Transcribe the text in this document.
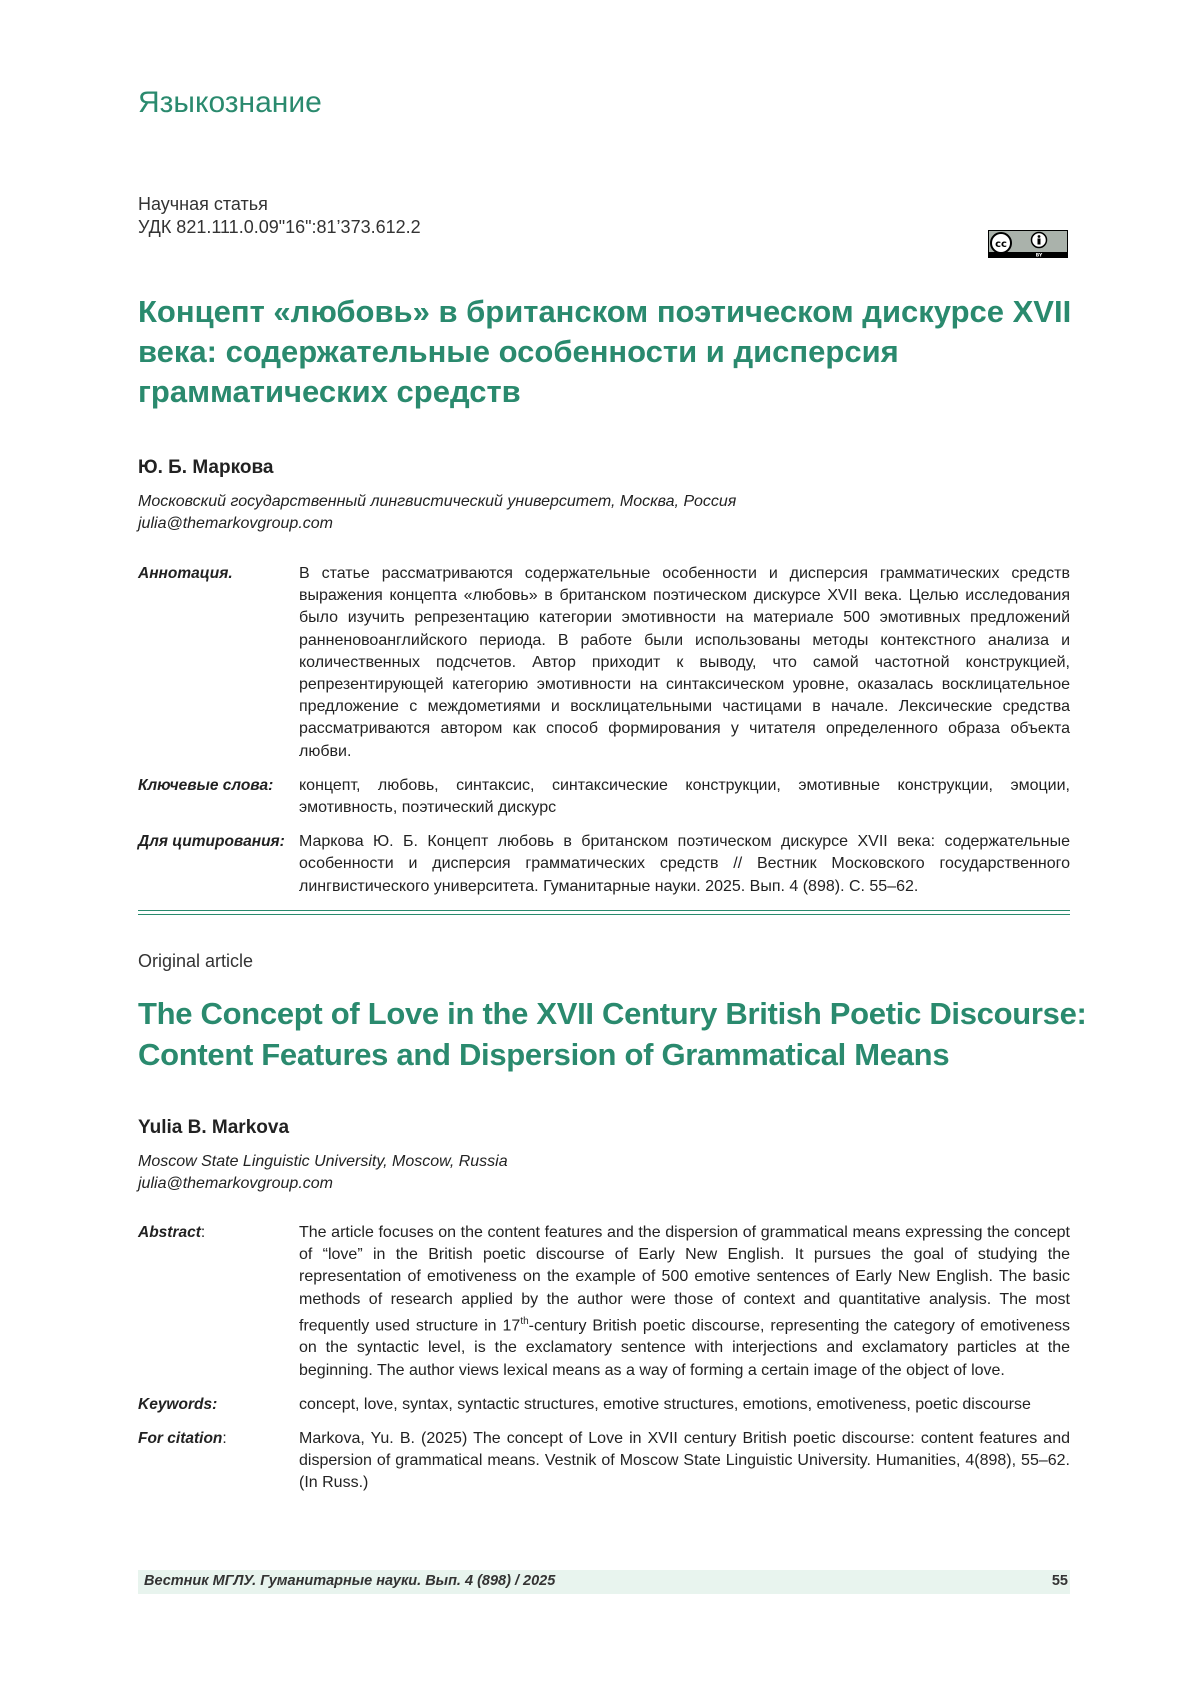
Языкознание
Научная статья
УДК 821.111.0.09"16":81’373.612.2
cc
BY
Концепт «любовь» в британском поэтическом дискурсе XVII века: содержательные особенности и дисперсия грамматических средств
Ю. Б. Маркова
Московский государственный лингвистический университет, Москва, Россия
julia@themarkovgroup.com
Аннотация.	В статье рассматриваются содержательные особенности и дисперсия грамматических средств выражения концепта «любовь» в британском поэтическом дискурсе XVII века. Целью исследования было изучить репрезентацию категории эмотивности на материале 500 эмотивных предложений ранненовоанглийского периода. В работе были использованы методы контекстного анализа и количественных подсчетов. Автор приходит к выводу, что самой частотной конструкцией, репрезентирующей категорию эмотивности на синтаксическом уровне, оказалась восклицательное предложение с междометиями и восклицательными частицами в начале. Лексические средства рассматриваются автором как способ формирования у читателя определенного образа объекта любви.
Ключевые слова:	концепт, любовь, синтаксис, синтаксические конструкции, эмотивные конструкции, эмоции, эмотивность, поэтический дискурс
Для цитирования: Маркова Ю. Б. Концепт любовь в британском поэтическом дискурсе XVII века: содержательные особенности и дисперсия грамматических средств // Вестник Московского государственного лингвистического университета. Гуманитарные науки. 2025. Вып. 4 (898). С. 55–62.
Original article
The Concept of Love in the XVII Century British Poetic Discourse: Content Features and Dispersion of Grammatical Means
Yulia B. Markova
Moscow State Linguistic University, Moscow, Russia
julia@themarkovgroup.com
Abstract:	The article focuses on the content features and the dispersion of grammatical means expressing the concept of “love” in the British poetic discourse of Early New English. It pursues the goal of studying the representation of emotiveness on the example of 500 emotive sentences of Early New English. The basic methods of research applied by the author were those of context and quantitative analysis. The most frequently used structure in 17th-century British poetic discourse, representing the category of emotiveness on the syntactic level, is the exclamatory sentence with interjections and exclamatory particles at the beginning. The author views lexical means as a way of forming a certain image of the object of love.
Keywords:	concept, love, syntax, syntactic structures, emotive structures, emotions, emotiveness, poetic discourse
For citation:	Markova, Yu. B. (2025) The concept of Love in XVII century British poetic discourse: content features and dispersion of grammatical means. Vestnik of Moscow State Linguistic University. Humanities, 4(898), 55–62. (In Russ.)
Вестник МГЛУ. Гуманитарные науки. Вып. 4 (898) / 2025	55
